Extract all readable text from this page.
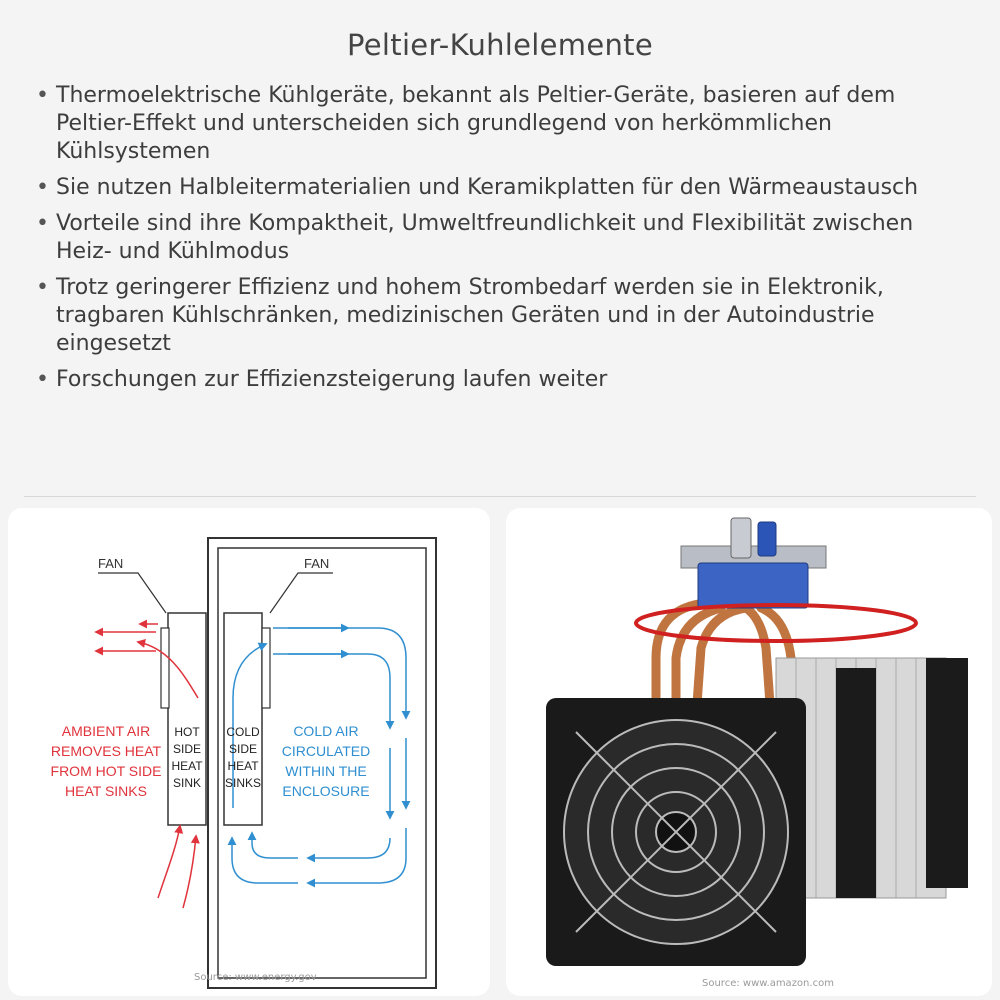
Peltier-Kuhlelemente
• Thermoelektrische Kühlgeräte, bekannt als Peltier-Geräte, basieren auf dem Peltier-Effekt und unterscheiden sich grundlegend von herkömmlichen Kühlsystemen
• Sie nutzen Halbleitermaterialien und Keramikplatten für den Wärmeaustausch
• Vorteile sind ihre Kompaktheit, Umweltfreundlichkeit und Flexibilität zwischen Heiz- und Kühlmodus
• Trotz geringerer Effizienz und hohem Strombedarf werden sie in Elektronik, tragbaren Kühlschränken, medizinischen Geräten und in der Autoindustrie eingesetzt
• Forschungen zur Effizienzsteigerung laufen weiter
FAN	FAN
AMBIENT AIR
REMOVES HEAT
FROM HOT SIDE
HEAT SINKS
HOT
SIDE
HEAT
SINK
COLD
SIDE
HEAT
SINKS
COLD AIR
CIRCULATED
WITHIN THE
ENCLOSURE
Source: www.energy.gov
Source: www.amazon.com
